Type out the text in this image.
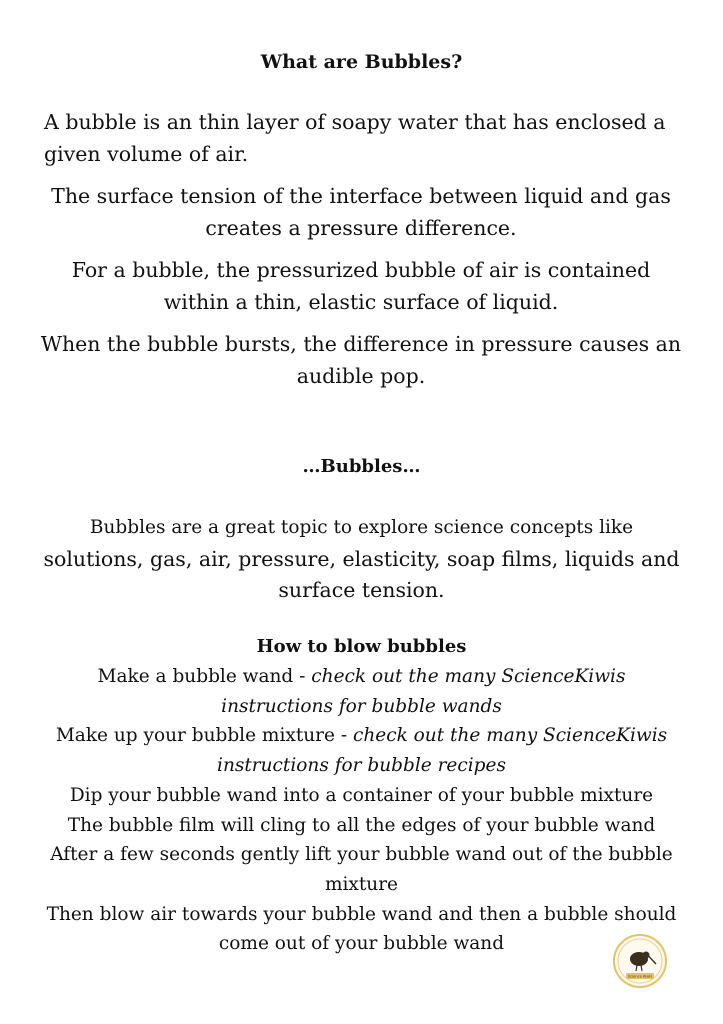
What are Bubbles?

A bubble is an thin layer of soapy water that has enclosed a given volume of air.

The surface tension of the interface between liquid and gas creates a pressure difference.

For a bubble, the pressurized bubble of air is contained within a thin, elastic surface of liquid.

When the bubble bursts, the difference in pressure causes an audible pop.

…Bubbles…
Bubbles are a great topic to explore science concepts like
solutions, gas, air, pressure, elasticity, soap films, liquids and surface tension.
How to blow bubbles
Make a bubble wand - check out the many ScienceKiwis instructions for bubble wands
Make up your bubble mixture - check out the many ScienceKiwis instructions for bubble recipes
Dip your bubble wand into a container of your bubble mixture
The bubble film will cling to all the edges of your bubble wand
After a few seconds gently lift your bubble wand out of the bubble mixture
Then blow air towards your bubble wand and then a bubble should come out of your bubble wand
Science Kiwis
